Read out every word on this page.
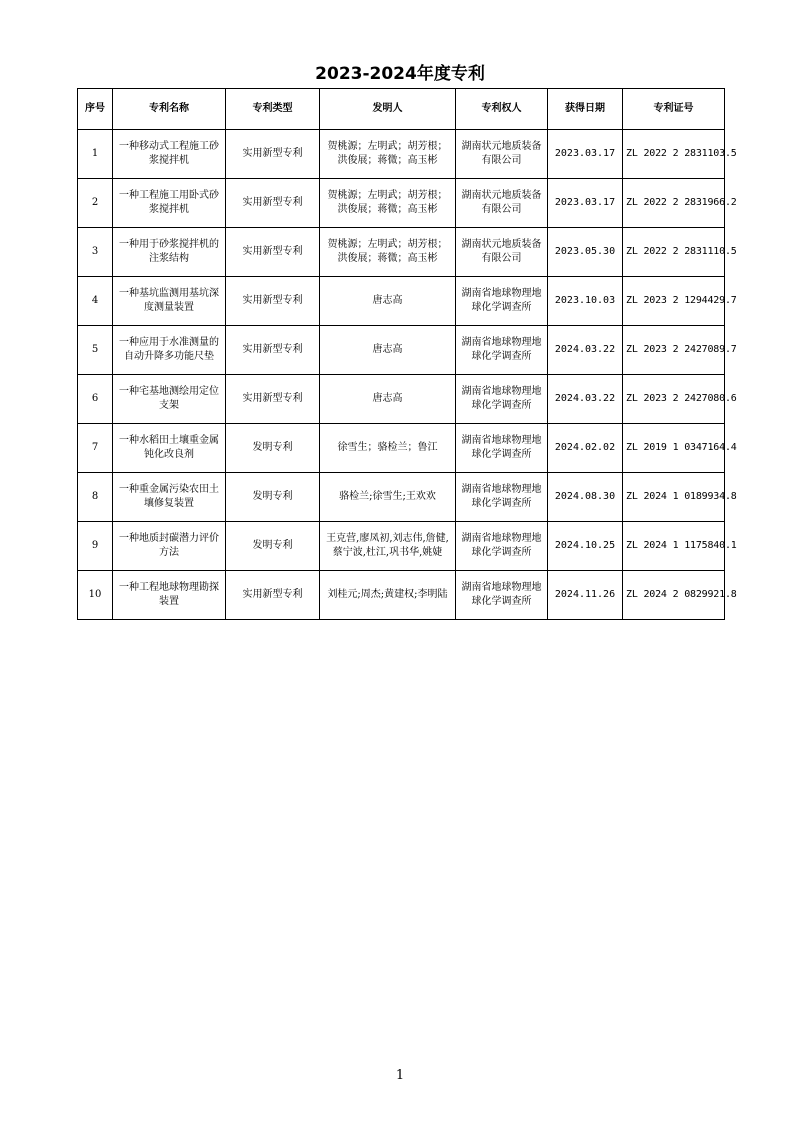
2023-2024年度专利
序号	专利名称	专利类型	发明人	专利权人	获得日期	专利证号
1	一种移动式工程施工砂浆搅拌机	实用新型专利	贺桃源；左明武；胡芳根；洪俊展；蒋微；高玉彬	湖南状元地质装备有限公司	2023.03.17	ZL 2022 2 2831103.5
2	一种工程施工用卧式砂浆搅拌机	实用新型专利	贺桃源；左明武；胡芳根；洪俊展；蒋微；高玉彬	湖南状元地质装备有限公司	2023.03.17	ZL 2022 2 2831966.2
3	一种用于砂浆搅拌机的注浆结构	实用新型专利	贺桃源；左明武；胡芳根；洪俊展；蒋微；高玉彬	湖南状元地质装备有限公司	2023.05.30	ZL 2022 2 2831110.5
4	一种基坑监测用基坑深度测量装置	实用新型专利	唐志高	湖南省地球物理地球化学调查所	2023.10.03	ZL 2023 2 1294429.7
5	一种应用于水准测量的自动升降多功能尺垫	实用新型专利	唐志高	湖南省地球物理地球化学调查所	2024.03.22	ZL 2023 2 2427089.7
6	一种宅基地测绘用定位支架	实用新型专利	唐志高	湖南省地球物理地球化学调查所	2024.03.22	ZL 2023 2 2427080.6
7	一种水稻田土壤重金属钝化改良剂	发明专利	徐雪生；骆检兰；鲁江	湖南省地球物理地球化学调查所	2024.02.02	ZL 2019 1 0347164.4
8	一种重金属污染农田土壤修复装置	发明专利	骆检兰;徐雪生;王欢欢	湖南省地球物理地球化学调查所	2024.08.30	ZL 2024 1 0189934.8
9	一种地质封碳潜力评价方法	发明专利	王克营,廖凤初,刘志伟,詹健,蔡宁波,杜江,巩书华,姚婕	湖南省地球物理地球化学调查所	2024.10.25	ZL 2024 1 1175840.1
10	一种工程地球物理勘探装置	实用新型专利	刘桂元;周杰;黄建权;李明陆	湖南省地球物理地球化学调查所	2024.11.26	ZL 2024 2 0829921.8
1
